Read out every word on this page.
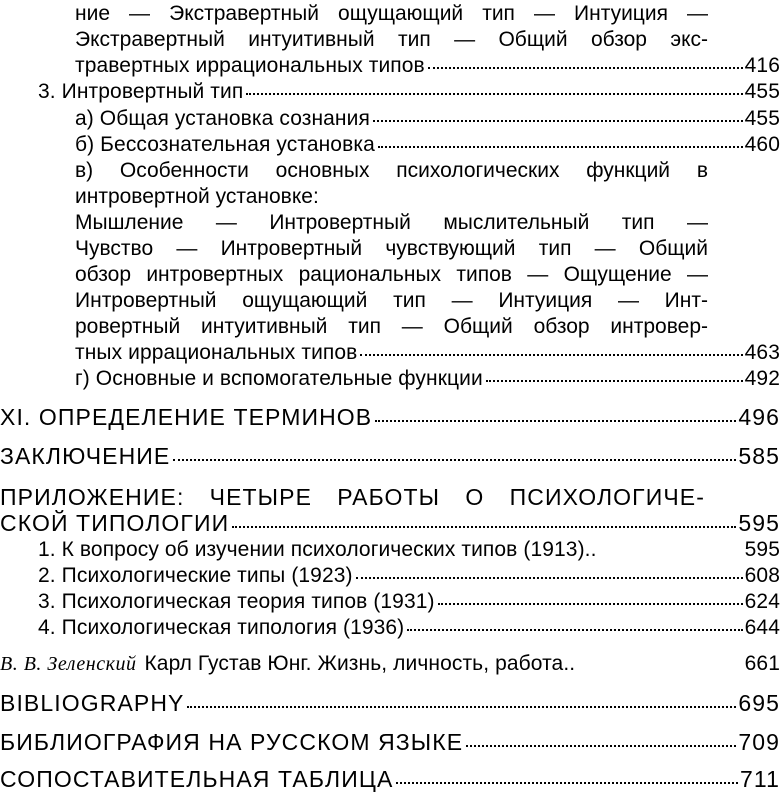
ние — Экстравертный ощущающий тип — Интуиция —
Экстравертный интуитивный тип — Общий обзор экс-
травертных иррациональных типов	416
3. Интровертный тип	455
а) Общая установка сознания	455
б) Бессознательная установка	460
в) Особенности основных психологических функций в
интровертной установке:
Мышление — Интровертный мыслительный тип —
Чувство — Интровертный чувствующий тип — Общий
обзор интровертных рациональных типов — Ощущение —
Интровертный ощущающий тип — Интуиция — Инт-
ровертный интуитивный тип — Общий обзор интровер-
тных иррациональных типов	463
г) Основные и вспомогательные функции	492
XI. ОПРЕДЕЛЕНИЕ ТЕРМИНОВ	496
ЗАКЛЮЧЕНИЕ	585
ПРИЛОЖЕНИЕ: ЧЕТЫРЕ РАБОТЫ О ПСИХОЛОГИЧЕ-
СКОЙ ТИПОЛОГИИ	595
1. К вопросу об изучении психологических типов (1913)..	595
2. Психологические типы (1923)	608
3. Психологическая теория типов (1931)	624
4. Психологическая типология (1936)	644
В. В. Зеленский Карл Густав Юнг. Жизнь, личность, работа..	661
BIBLIOGRAPHY	695
БИБЛИОГРАФИЯ НА РУССКОМ ЯЗЫКЕ	709
СОПОСТАВИТЕЛЬНАЯ ТАБЛИЦА	711
